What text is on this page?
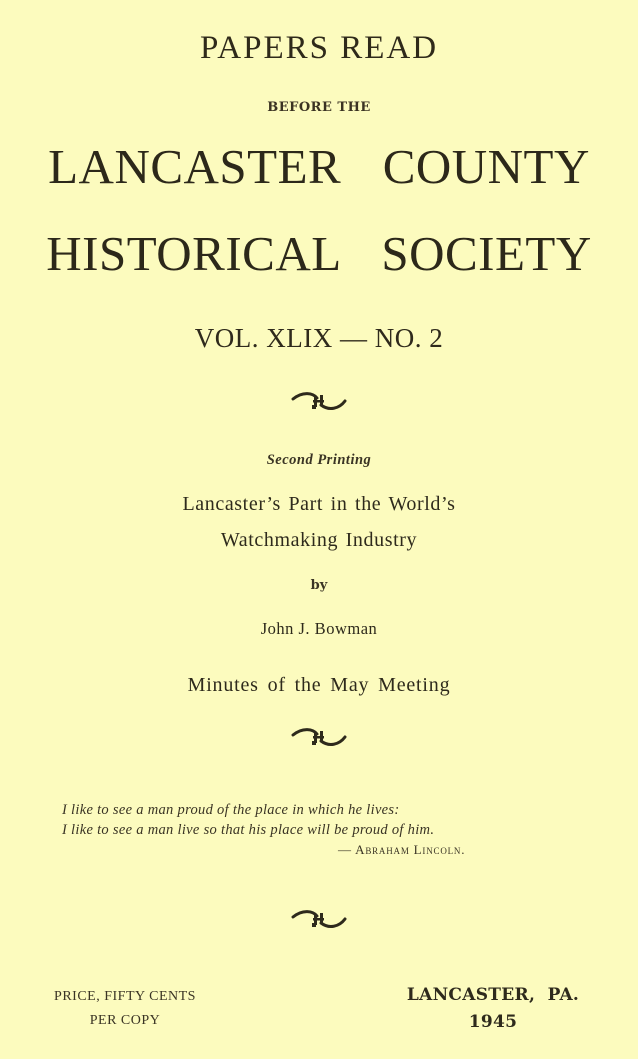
PAPERS READ
BEFORE THE
LANCASTER  COUNTY
HISTORICAL  SOCIETY
VOL. XLIX — NO. 2
Second Printing
Lancaster’s Part in the World’s
Watchmaking Industry
by
John J. Bowman
Minutes of the May Meeting
I like to see a man proud of the place in which he lives:
I like to see a man live so that his place will be proud of him.
— Abraham Lincoln.
PRICE, FIFTY CENTS
PER COPY
LANCASTER,  PA.
1945
